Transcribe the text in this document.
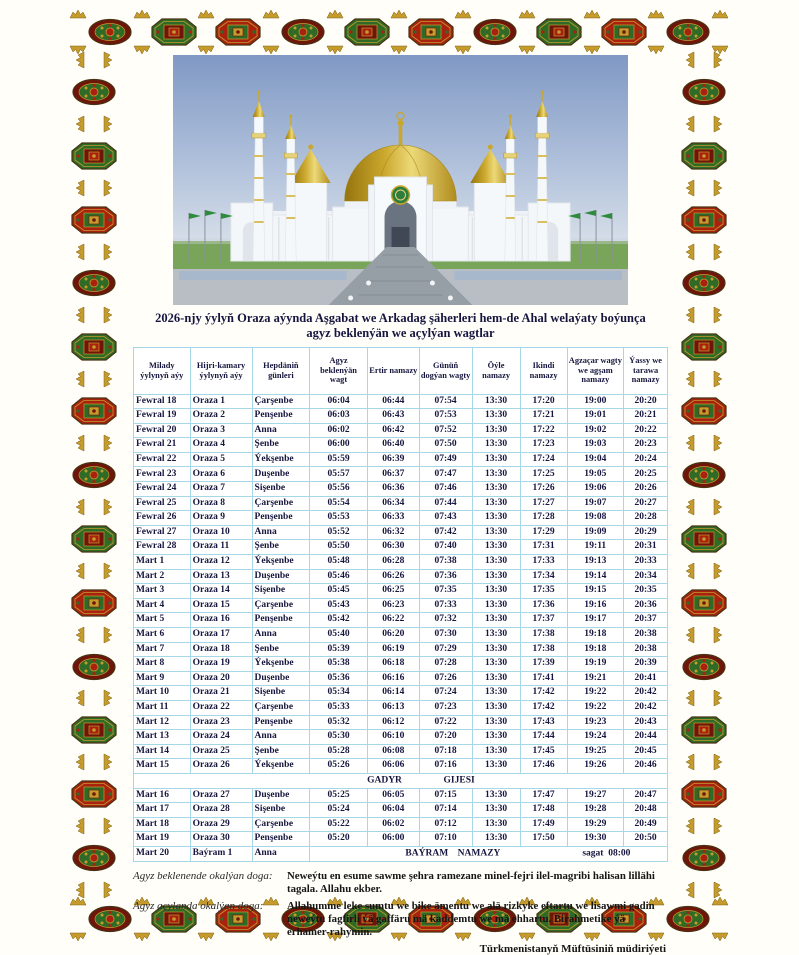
2026-njy ýylyň Oraza aýynda Aşgabat we Arkadag şäherleri hem-de Ahal welaýaty boýunça
agyz beklenýän we açylýan wagtlar
Milady ýylynyň aýy	Hijri-kamary ýylynyň aýy	Hepdäniň günleri	Agyz beklenýän wagt	Ertir namazy	Günüň dogýan wagty	Öýle namazy	Ikindi namazy	Agzaçar wagty we agşam namazy	Ýassy we tarawa namazy
Fewral 18	Oraza 1	Çarşenbe	06:04	06:44	07:54	13:30	17:20	19:00	20:20
Fewral 19	Oraza 2	Penşenbe	06:03	06:43	07:53	13:30	17:21	19:01	20:21
Fewral 20	Oraza 3	Anna	06:02	06:42	07:52	13:30	17:22	19:02	20:22
Fewral 21	Oraza 4	Şenbe	06:00	06:40	07:50	13:30	17:23	19:03	20:23
Fewral 22	Oraza 5	Ýekşenbe	05:59	06:39	07:49	13:30	17:24	19:04	20:24
Fewral 23	Oraza 6	Duşenbe	05:57	06:37	07:47	13:30	17:25	19:05	20:25
Fewral 24	Oraza 7	Sişenbe	05:56	06:36	07:46	13:30	17:26	19:06	20:26
Fewral 25	Oraza 8	Çarşenbe	05:54	06:34	07:44	13:30	17:27	19:07	20:27
Fewral 26	Oraza 9	Penşenbe	05:53	06:33	07:43	13:30	17:28	19:08	20:28
Fewral 27	Oraza 10	Anna	05:52	06:32	07:42	13:30	17:29	19:09	20:29
Fewral 28	Oraza 11	Şenbe	05:50	06:30	07:40	13:30	17:31	19:11	20:31
Mart 1	Oraza 12	Ýekşenbe	05:48	06:28	07:38	13:30	17:33	19:13	20:33
Mart 2	Oraza 13	Duşenbe	05:46	06:26	07:36	13:30	17:34	19:14	20:34
Mart 3	Oraza 14	Sişenbe	05:45	06:25	07:35	13:30	17:35	19:15	20:35
Mart 4	Oraza 15	Çarşenbe	05:43	06:23	07:33	13:30	17:36	19:16	20:36
Mart 5	Oraza 16	Penşenbe	05:42	06:22	07:32	13:30	17:37	19:17	20:37
Mart 6	Oraza 17	Anna	05:40	06:20	07:30	13:30	17:38	19:18	20:38
Mart 7	Oraza 18	Şenbe	05:39	06:19	07:29	13:30	17:38	19:18	20:38
Mart 8	Oraza 19	Ýekşenbe	05:38	06:18	07:28	13:30	17:39	19:19	20:39
Mart 9	Oraza 20	Duşenbe	05:36	06:16	07:26	13:30	17:41	19:21	20:41
Mart 10	Oraza 21	Sişenbe	05:34	06:14	07:24	13:30	17:42	19:22	20:42
Mart 11	Oraza 22	Çarşenbe	05:33	06:13	07:23	13:30	17:42	19:22	20:42
Mart 12	Oraza 23	Penşenbe	05:32	06:12	07:22	13:30	17:43	19:23	20:43
Mart 13	Oraza 24	Anna	05:30	06:10	07:20	13:30	17:44	19:24	20:44
Mart 14	Oraza 25	Şenbe	05:28	06:08	07:18	13:30	17:45	19:25	20:45
Mart 15	Oraza 26	Ýekşenbe	05:26	06:06	07:16	13:30	17:46	19:26	20:46

GADYR GIJESI									

Mart 16	Oraza 27	Duşenbe	05:25	06:05	07:15	13:30	17:47	19:27	20:47
Mart 17	Oraza 28	Sişenbe	05:24	06:04	07:14	13:30	17:48	19:28	20:48
Mart 18	Oraza 29	Çarşenbe	05:22	06:02	07:12	13:30	17:49	19:29	20:49
Mart 19	Oraza 30	Penşenbe	05:20	06:00	07:10	13:30	17:50	19:30	20:50
Mart 20	Baýram 1	Anna	BAÝRAM    NAMAZY sagat  08:00						
Agyz beklenende okalýan doga:	Neweýtu en esume sawme şehra ramezane minel-fejri ilel-magribi halisan lillähi tagala. Allahu ekber.
Agyz açylanda okalýan doga:	Allahumme leke sumtu we bike ämentu we alä rizkyke eftartu we lisawmi gadin neweýtu fagfirli ýä gaffäru mä kaddemtu we mä ehhartu. Birahmetike ýä erhamer-rahymin.
Türkmenistanyň Müftüsiniň müdiriýeti
